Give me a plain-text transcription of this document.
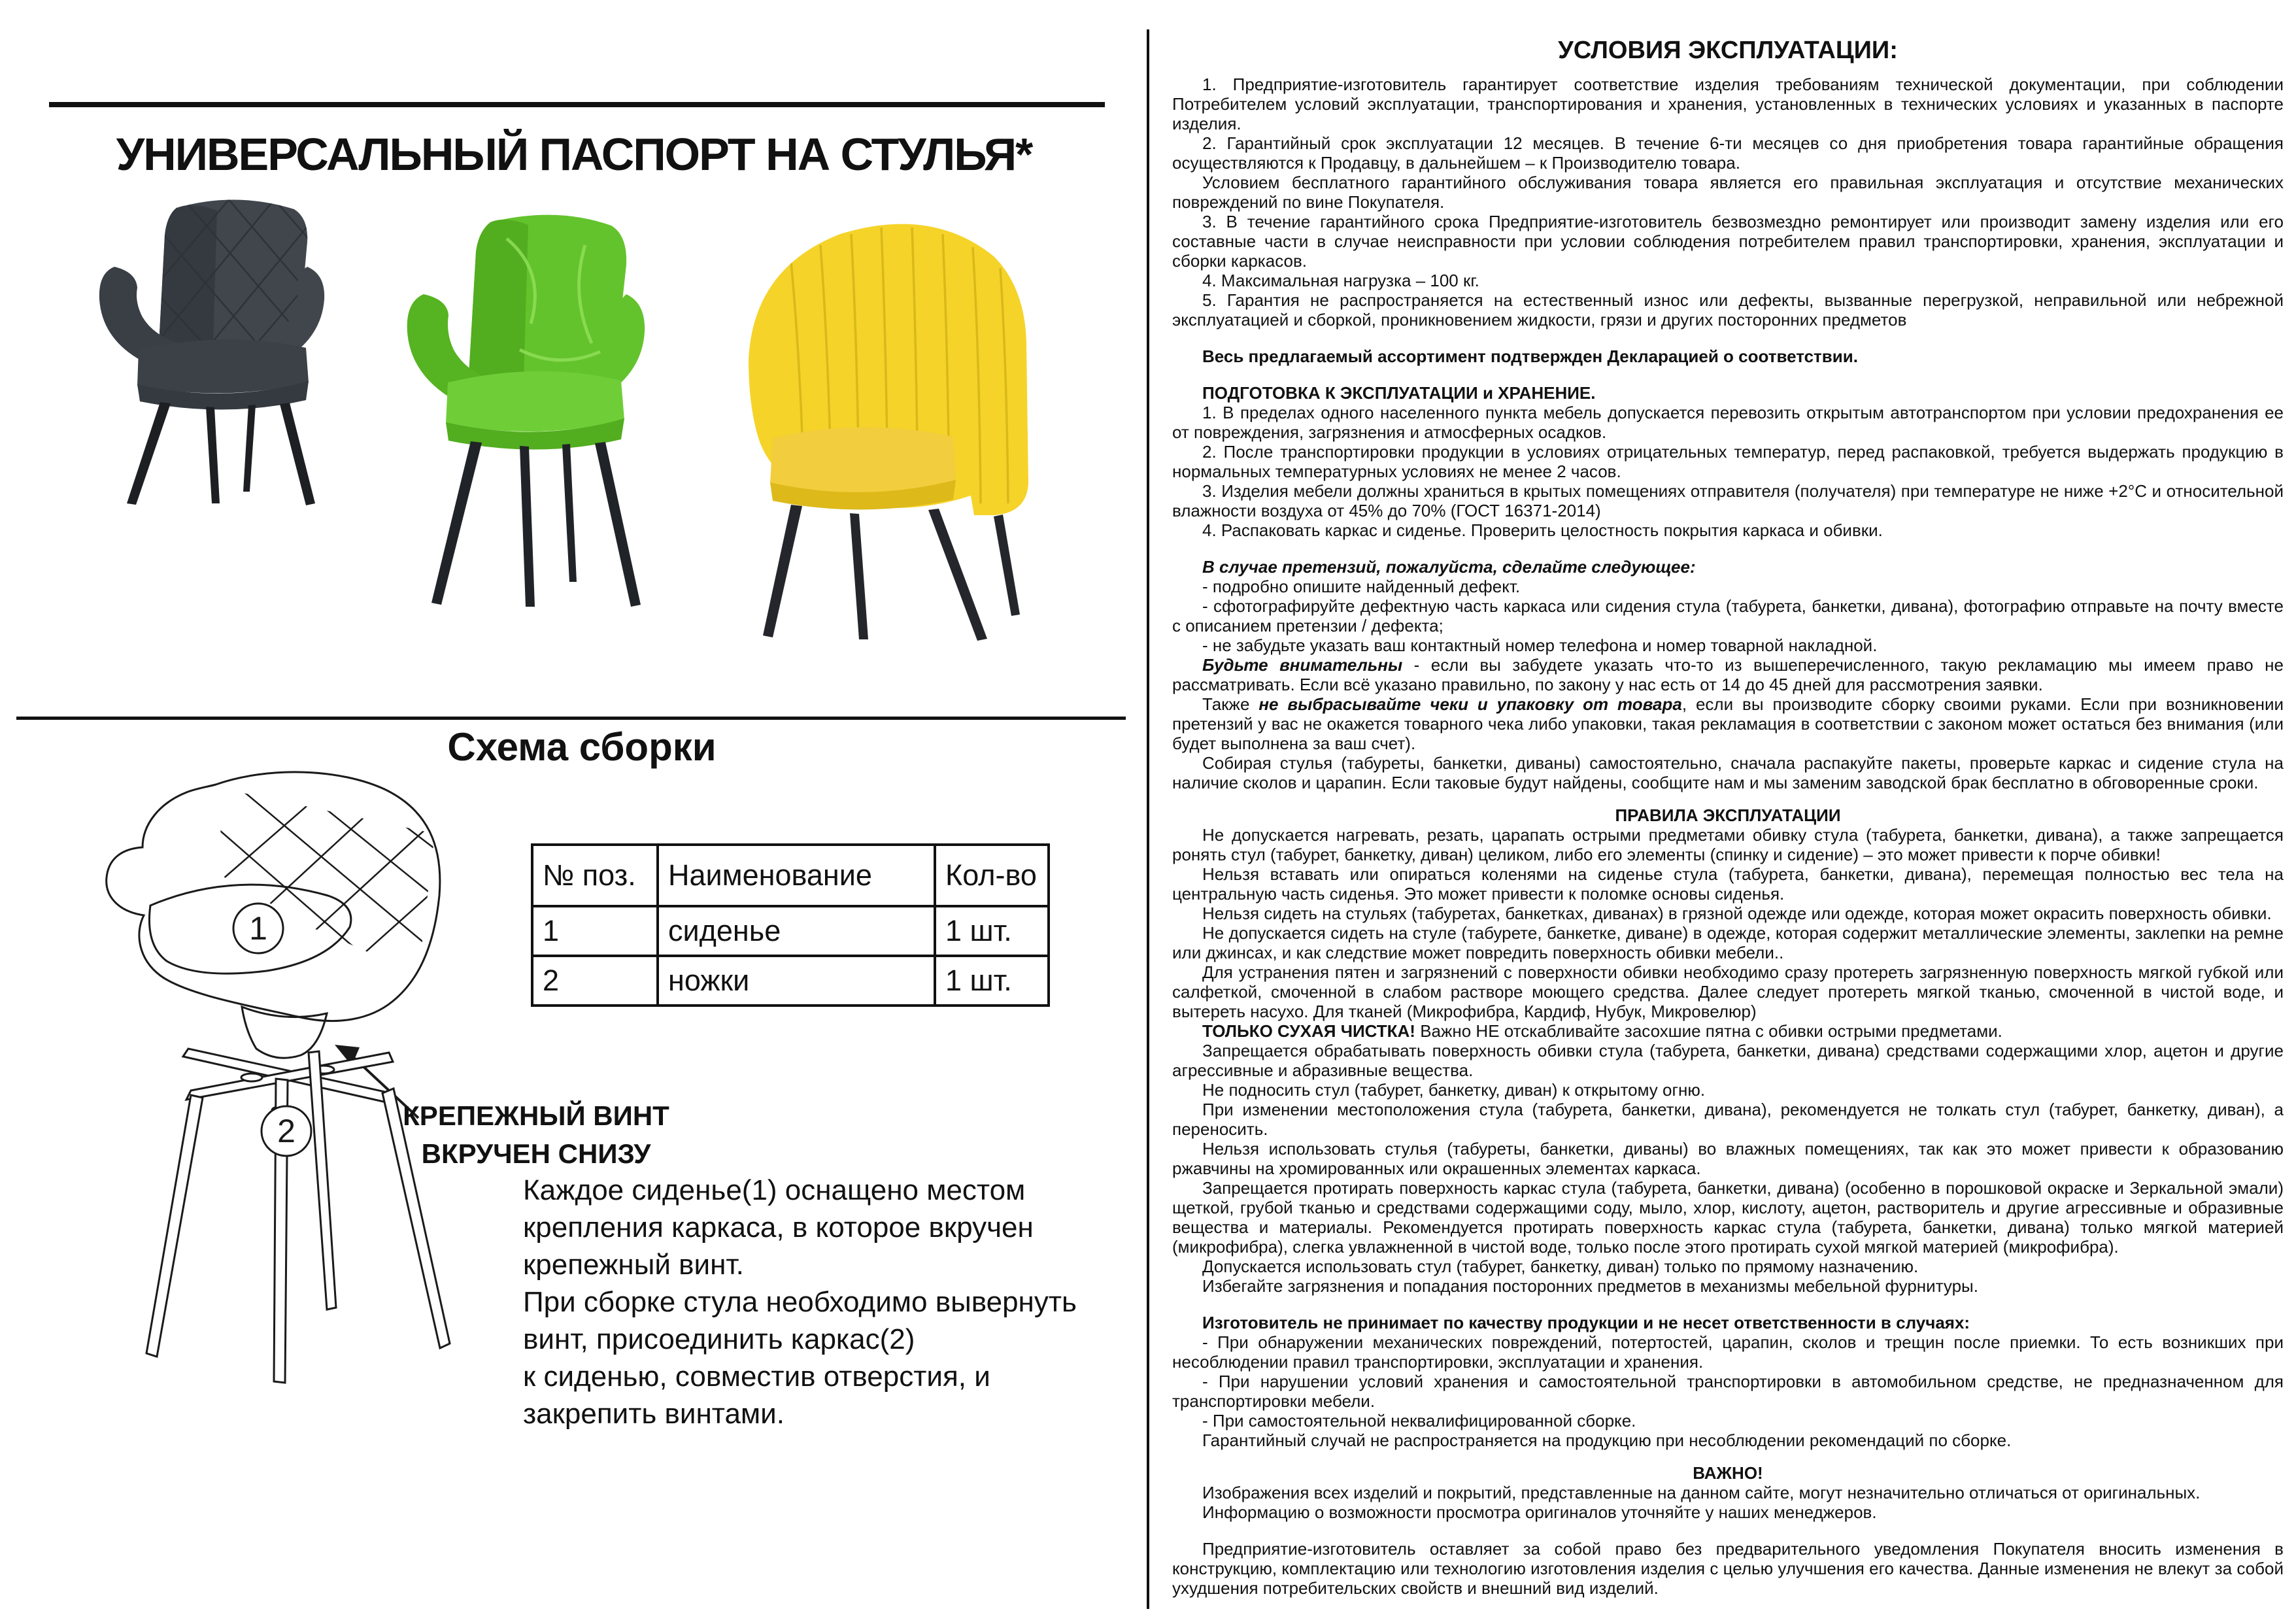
УНИВЕРСАЛЬНЫЙ ПАСПОРТ НА СТУЛЬЯ*
Схема сборки
1
2
№ поз.	Наименование	Кол-во
1	сиденье	1 шт.
2	ножки	1 шт.
КРЕПЕЖНЫЙ ВИНТ
ВКРУЧЕН СНИЗУ
Каждое сиденье(1) оснащено местом
крепления каркаса, в которое вкручен
крепежный винт.
При сборке стула необходимо вывернуть
винт, присоединить каркас(2)
к сиденью, совместив отверстия, и
закрепить винтами.

УСЛОВИЯ ЭКСПЛУАТАЦИИ:

1. Предприятие-изготовитель гарантирует соответствие изделия требованиям технической документации, при соблюдении Потребителем условий эксплуатации, транспортирования и хранения, установленных в технических условиях и указанных в паспорте изделия.

2. Гарантийный срок эксплуатации 12 месяцев. В течение 6-ти месяцев со дня приобретения товара гарантийные обращения осуществляются к Продавцу, в дальнейшем – к Производителю товара.

Условием бесплатного гарантийного обслуживания товара является его правильная эксплуатация и отсутствие механических повреждений по вине Покупателя.

3. В течение гарантийного срока Предприятие-изготовитель безвозмездно ремонтирует или производит замену изделия или его составные части в случае неисправности при условии соблюдения потребителем правил транспортировки, хранения, эксплуатации и сборки каркасов.

4. Максимальная нагрузка – 100 кг.

5. Гарантия не распространяется на естественный износ или дефекты, вызванные перегрузкой, неправильной или небрежной эксплуатацией и сборкой, проникновением жидкости, грязи и других посторонних предметов

Весь предлагаемый ассортимент подтвержден Декларацией о соответствии.

ПОДГОТОВКА К ЭКСПЛУАТАЦИИ и ХРАНЕНИЕ.

1. В пределах одного населенного пункта мебель допускается перевозить открытым автотранспортом при условии предохранения ее от повреждения, загрязнения и атмосферных осадков.

2. После транспортировки продукции в условиях отрицательных температур, перед распаковкой, требуется выдержать продукцию в нормальных температурных условиях не менее 2 часов.

3. Изделия мебели должны храниться в крытых помещениях отправителя (получателя) при температуре не ниже +2°С и относительной влажности воздуха от 45% до 70% (ГОСТ 16371-2014)

4. Распаковать каркас и сиденье. Проверить целостность покрытия каркаса и обивки.

В случае претензий, пожалуйста, сделайте следующее:

- подробно опишите найденный дефект.

- сфотографируйте дефектную часть каркаса или сидения стула (табурета, банкетки, дивана), фотографию отправьте на почту вместе с описанием претензии / дефекта;

- не забудьте указать ваш контактный номер телефона и номер товарной накладной.

Будьте внимательны - если вы забудете указать что-то из вышеперечисленного, такую рекламацию мы имеем право не рассматривать. Если всё указано правильно, по закону у нас есть от 14 до 45 дней для рассмотрения заявки.

Также не выбрасывайте чеки и упаковку от товара, если вы производите сборку своими руками. Если при возникновении претензий у вас не окажется товарного чека либо упаковки, такая рекламация в соответствии с законом может остаться без внимания (или будет выполнена за ваш счет).

Собирая стулья (табуреты, банкетки, диваны) самостоятельно, сначала распакуйте пакеты, проверьте каркас и сидение стула на наличие сколов и царапин. Если таковые будут найдены, сообщите нам и мы заменим заводской брак бесплатно в обговоренные сроки.

ПРАВИЛА ЭКСПЛУАТАЦИИ

Не допускается нагревать, резать, царапать острыми предметами обивку стула (табурета, банкетки, дивана), а также запрещается ронять стул (табурет, банкетку, диван) целиком, либо его элементы (спинку и сидение) – это может привести к порче обивки!

Нельзя вставать или опираться коленями на сиденье стула (табурета, банкетки, дивана), перемещая полностью вес тела на центральную часть сиденья. Это может привести к поломке основы сиденья.

Нельзя сидеть на стульях (табуретах, банкетках, диванах) в грязной одежде или одежде, которая может окрасить поверхность обивки.

Не допускается сидеть на стуле (табурете, банкетке, диване) в одежде, которая содержит металлические элементы, заклепки на ремне или джинсах, и как следствие может повредить поверхность обивки мебели..

Для устранения пятен и загрязнений с поверхности обивки необходимо сразу протереть загрязненную поверхность мягкой губкой или салфеткой, смоченной в слабом растворе моющего средства. Далее следует протереть мягкой тканью, смоченной в чистой воде, и вытереть насухо. Для тканей (Микрофибра, Кардиф, Нубук, Микровелюр)

ТОЛЬКО СУХАЯ ЧИСТКА! Важно НЕ отскабливайте засохшие пятна с обивки острыми предметами.

Запрещается обрабатывать поверхность обивки стула (табурета, банкетки, дивана) средствами содержащими хлор, ацетон и другие агрессивные и абразивные вещества.

Не подносить стул (табурет, банкетку, диван) к открытому огню.

При изменении местоположения стула (табурета, банкетки, дивана), рекомендуется не толкать стул (табурет, банкетку, диван), а переносить.

Нельзя использовать стулья (табуреты, банкетки, диваны) во влажных помещениях, так как это может привести к образованию ржавчины на хромированных или окрашенных элементах каркаса.

Запрещается протирать поверхность каркас стула (табурета, банкетки, дивана) (особенно в порошковой окраске и Зеркальной эмали) щеткой, грубой тканью и средствами содержащими соду, мыло, хлор, кислоту, ацетон, растворитель и другие агрессивные и образивные вещества и материалы. Рекомендуется протирать поверхность каркас стула (табурета, банкетки, дивана) только мягкой материей (микрофибра), слегка увлажненной в чистой воде, только после этого протирать сухой мягкой материей (микрофибра).

Допускается использовать стул (табурет, банкетку, диван) только по прямому назначению.

Избегайте загрязнения и попадания посторонних предметов в механизмы мебельной фурнитуры.

Изготовитель не принимает по качеству продукции и не несет ответственности в случаях:

- При обнаружении механических повреждений, потертостей, царапин, сколов и трещин после приемки. То есть возникших при несоблюдении правил транспортировки, эксплуатации и хранения.

- При нарушении условий хранения и самостоятельной транспортировки в автомобильном средстве, не предназначенном для транспортировки мебели.

- При самостоятельной неквалифицированной сборке.

Гарантийный случай не распространяется на продукцию при несоблюдении рекомендаций по сборке.

ВАЖНО!

Изображения всех изделий и покрытий, представленные на данном сайте, могут незначительно отличаться от оригинальных.

Информацию о возможности просмотра оригиналов уточняйте у наших менеджеров.

Предприятие-изготовитель оставляет за собой право без предварительного уведомления Покупателя вносить изменения в конструкцию, комплектацию или технологию изготовления изделия с целью улучшения его качества. Данные изменения не влекут за собой ухудшения потребительских свойств и внешний вид изделий.
